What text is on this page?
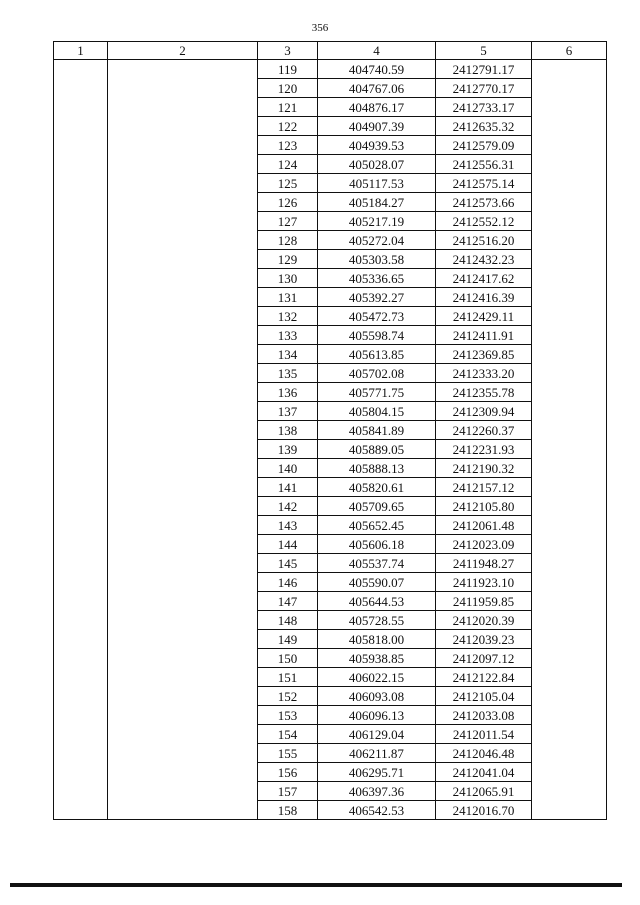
356
1	2	3	4	5	6
		119	404740.59	2412791.17	
		120	404767.06	2412770.17	
		121	404876.17	2412733.17	
		122	404907.39	2412635.32	
		123	404939.53	2412579.09	
		124	405028.07	2412556.31	
		125	405117.53	2412575.14	
		126	405184.27	2412573.66	
		127	405217.19	2412552.12	
		128	405272.04	2412516.20	
		129	405303.58	2412432.23	
		130	405336.65	2412417.62	
		131	405392.27	2412416.39	
		132	405472.73	2412429.11	
		133	405598.74	2412411.91	
		134	405613.85	2412369.85	
		135	405702.08	2412333.20	
		136	405771.75	2412355.78	
		137	405804.15	2412309.94	
		138	405841.89	2412260.37	
		139	405889.05	2412231.93	
		140	405888.13	2412190.32	
		141	405820.61	2412157.12	
		142	405709.65	2412105.80	
		143	405652.45	2412061.48	
		144	405606.18	2412023.09	
		145	405537.74	2411948.27	
		146	405590.07	2411923.10	
		147	405644.53	2411959.85	
		148	405728.55	2412020.39	
		149	405818.00	2412039.23	
		150	405938.85	2412097.12	
		151	406022.15	2412122.84	
		152	406093.08	2412105.04	
		153	406096.13	2412033.08	
		154	406129.04	2412011.54	
		155	406211.87	2412046.48	
		156	406295.71	2412041.04	
		157	406397.36	2412065.91	
		158	406542.53	2412016.70	
